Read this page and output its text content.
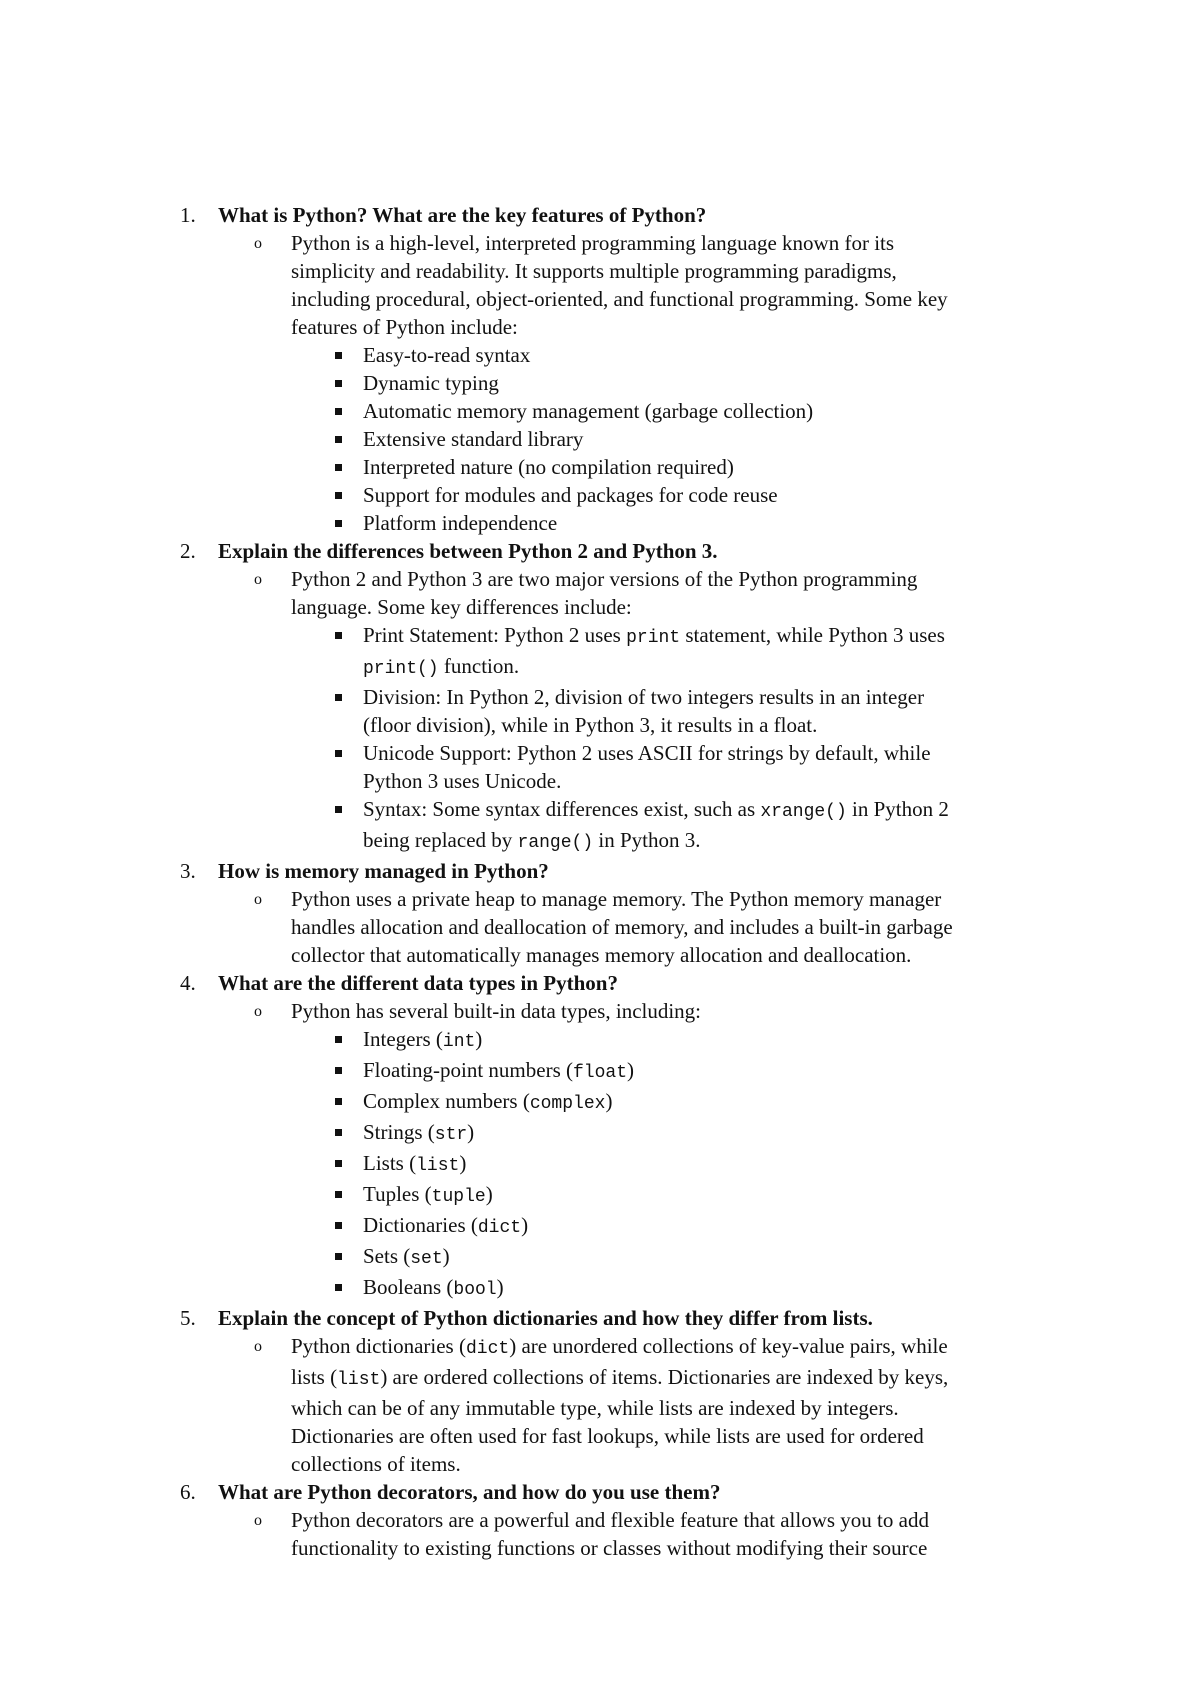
1. What is Python? What are the key features of Python?
o Python is a high-level, interpreted programming language known for its
simplicity and readability. It supports multiple programming paradigms,
including procedural, object-oriented, and functional programming. Some key
features of Python include:
Easy-to-read syntax
Dynamic typing
Automatic memory management (garbage collection)
Extensive standard library
Interpreted nature (no compilation required)
Support for modules and packages for code reuse
Platform independence
2. Explain the differences between Python 2 and Python 3.
o Python 2 and Python 3 are two major versions of the Python programming
language. Some key differences include:
Print Statement: Python 2 uses print statement, while Python 3 uses
print() function.
Division: In Python 2, division of two integers results in an integer
(floor division), while in Python 3, it results in a float.
Unicode Support: Python 2 uses ASCII for strings by default, while
Python 3 uses Unicode.
Syntax: Some syntax differences exist, such as xrange() in Python 2
being replaced by range() in Python 3.
3. How is memory managed in Python?
o Python uses a private heap to manage memory. The Python memory manager
handles allocation and deallocation of memory, and includes a built-in garbage
collector that automatically manages memory allocation and deallocation.
4. What are the different data types in Python?
o Python has several built-in data types, including:
Integers (int)
Floating-point numbers (float)
Complex numbers (complex)
Strings (str)
Lists (list)
Tuples (tuple)
Dictionaries (dict)
Sets (set)
Booleans (bool)
5. Explain the concept of Python dictionaries and how they differ from lists.
o Python dictionaries (dict) are unordered collections of key-value pairs, while
lists (list) are ordered collections of items. Dictionaries are indexed by keys,
which can be of any immutable type, while lists are indexed by integers.
Dictionaries are often used for fast lookups, while lists are used for ordered
collections of items.
6. What are Python decorators, and how do you use them?
o Python decorators are a powerful and flexible feature that allows you to add
functionality to existing functions or classes without modifying their source
